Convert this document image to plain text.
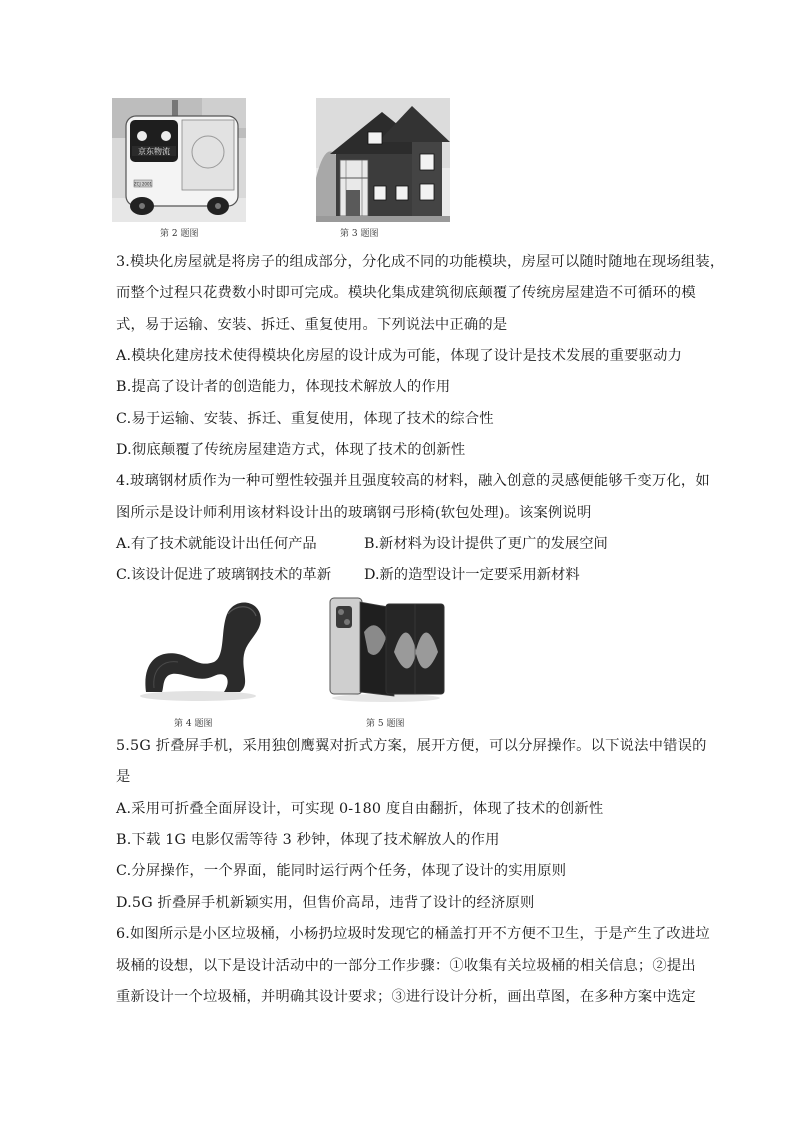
京东物流
ZCJ 2001
第 2 题图	第 3 题图
3.模块化房屋就是将房子的组成部分，分化成不同的功能模块，房屋可以随时随地在现场组装，
而整个过程只花费数小时即可完成。模块化集成建筑彻底颠覆了传统房屋建造不可循环的模
式，易于运输、安装、拆迁、重复使用。下列说法中正确的是
A.模块化建房技术使得模块化房屋的设计成为可能，体现了设计是技术发展的重要驱动力
B.提高了设计者的创造能力，体现技术解放人的作用
C.易于运输、安装、拆迁、重复使用，体现了技术的综合性
D.彻底颠覆了传统房屋建造方式，体现了技术的创新性
4.玻璃钢材质作为一种可塑性较强并且强度较高的材料，融入创意的灵感便能够千变万化，如
图所示是设计师利用该材料设计出的玻璃钢弓形椅(软包处理)。该案例说明
A.有了技术就能设计出任何产品	B.新材料为设计提供了更广的发展空间
C.该设计促进了玻璃钢技术的革新 D.新的造型设计一定要采用新材料
第 4 题图	第 5 题图
5.5G 折叠屏手机，采用独创鹰翼对折式方案，展开方便，可以分屏操作。以下说法中错误的
是
A.采用可折叠全面屏设计，可实现 0-180 度自由翻折，体现了技术的创新性
B.下载 1G 电影仅需等待 3 秒钟，体现了技术解放人的作用
C.分屏操作，一个界面，能同时运行两个任务，体现了设计的实用原则
D.5G 折叠屏手机新颖实用，但售价高昂，违背了设计的经济原则
6.如图所示是小区垃圾桶，小杨扔垃圾时发现它的桶盖打开不方便不卫生，于是产生了改进垃
圾桶的设想，以下是设计活动中的一部分工作步骤：①收集有关垃圾桶的相关信息；②提出
重新设计一个垃圾桶，并明确其设计要求；③进行设计分析，画出草图，在多种方案中选定
